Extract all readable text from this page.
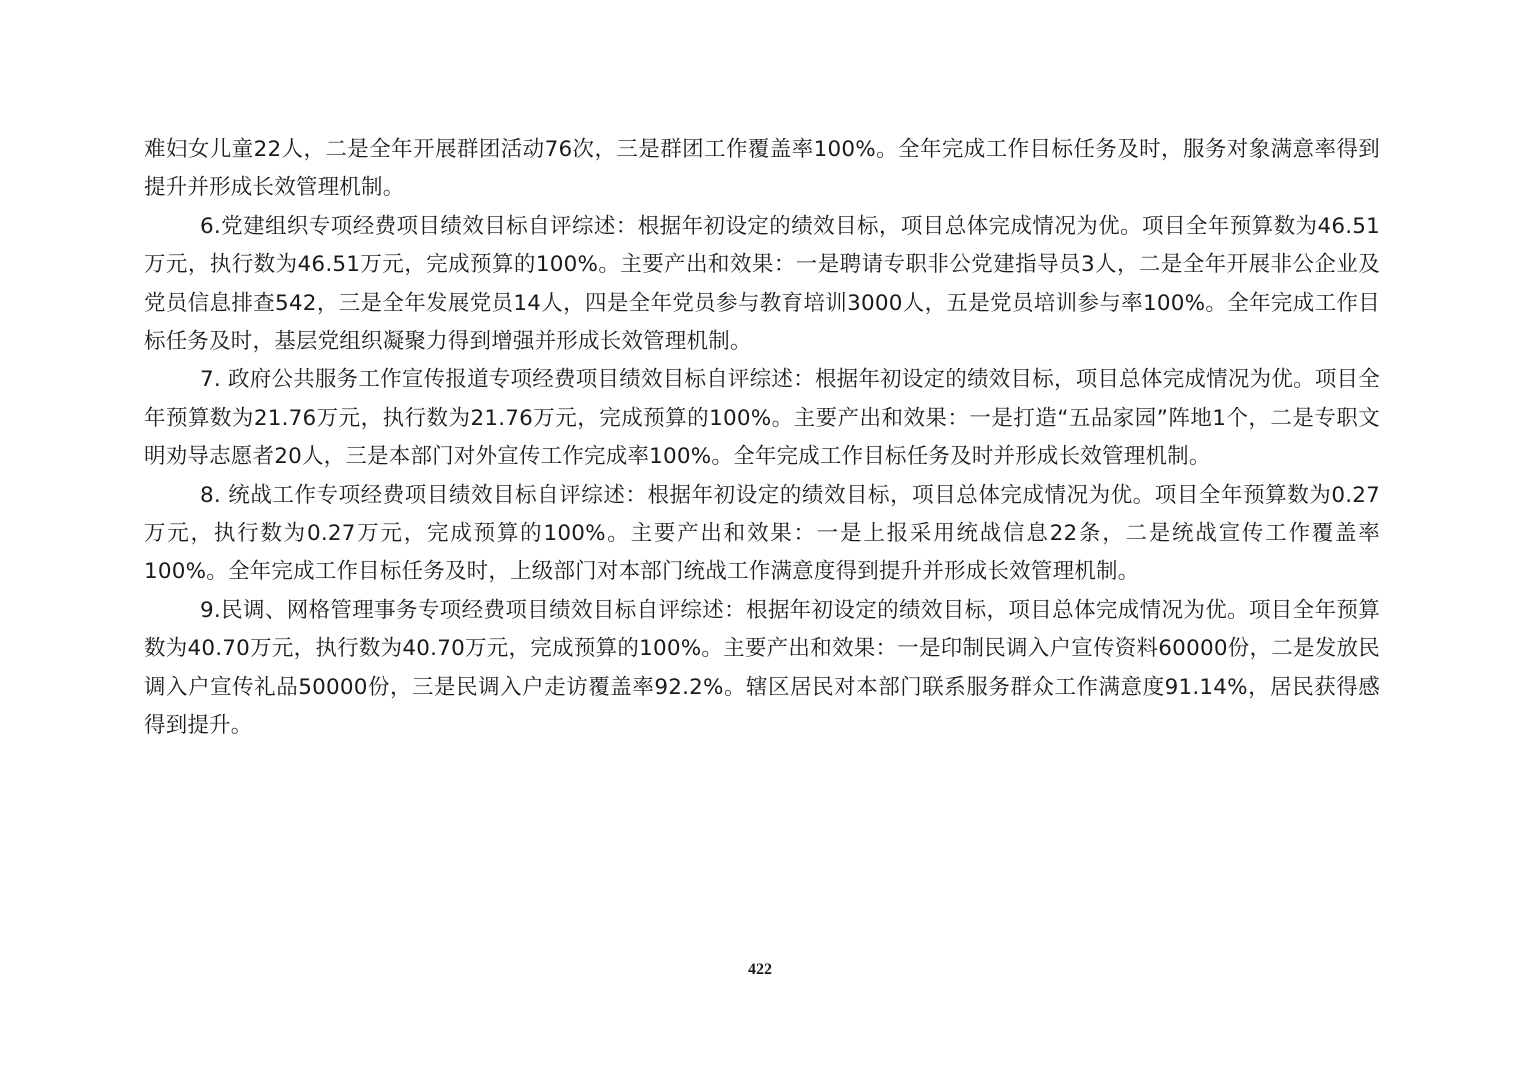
难妇女儿童22人，二是全年开展群团活动76次，三是群团工作覆盖率100%。全年完成工作目标任务及时，服务对象满意率得到提升并形成长效管理机制。

6.党建组织专项经费项目绩效目标自评综述：根据年初设定的绩效目标，项目总体完成情况为优。项目全年预算数为46.51万元，执行数为46.51万元，完成预算的100%。主要产出和效果：一是聘请专职非公党建指导员3人，二是全年开展非公企业及党员信息排查542，三是全年发展党员14人，四是全年党员参与教育培训3000人，五是党员培训参与率100%。全年完成工作目标任务及时，基层党组织凝聚力得到增强并形成长效管理机制。

7. 政府公共服务工作宣传报道专项经费项目绩效目标自评综述：根据年初设定的绩效目标，项目总体完成情况为优。项目全年预算数为21.76万元，执行数为21.76万元，完成预算的100%。主要产出和效果：一是打造“五品家园”阵地1个，二是专职文明劝导志愿者20人，三是本部门对外宣传工作完成率100%。全年完成工作目标任务及时并形成长效管理机制。

8. 统战工作专项经费项目绩效目标自评综述：根据年初设定的绩效目标，项目总体完成情况为优。项目全年预算数为0.27万元，执行数为0.27万元，完成预算的100%。主要产出和效果：一是上报采用统战信息22条，二是统战宣传工作覆盖率100%。全年完成工作目标任务及时，上级部门对本部门统战工作满意度得到提升并形成长效管理机制。

9.民调、网格管理事务专项经费项目绩效目标自评综述：根据年初设定的绩效目标，项目总体完成情况为优。项目全年预算数为40.70万元，执行数为40.70万元，完成预算的100%。主要产出和效果：一是印制民调入户宣传资料60000份，二是发放民调入户宣传礼品50000份，三是民调入户走访覆盖率92.2%。辖区居民对本部门联系服务群众工作满意度91.14%，居民获得感得到提升。

422
